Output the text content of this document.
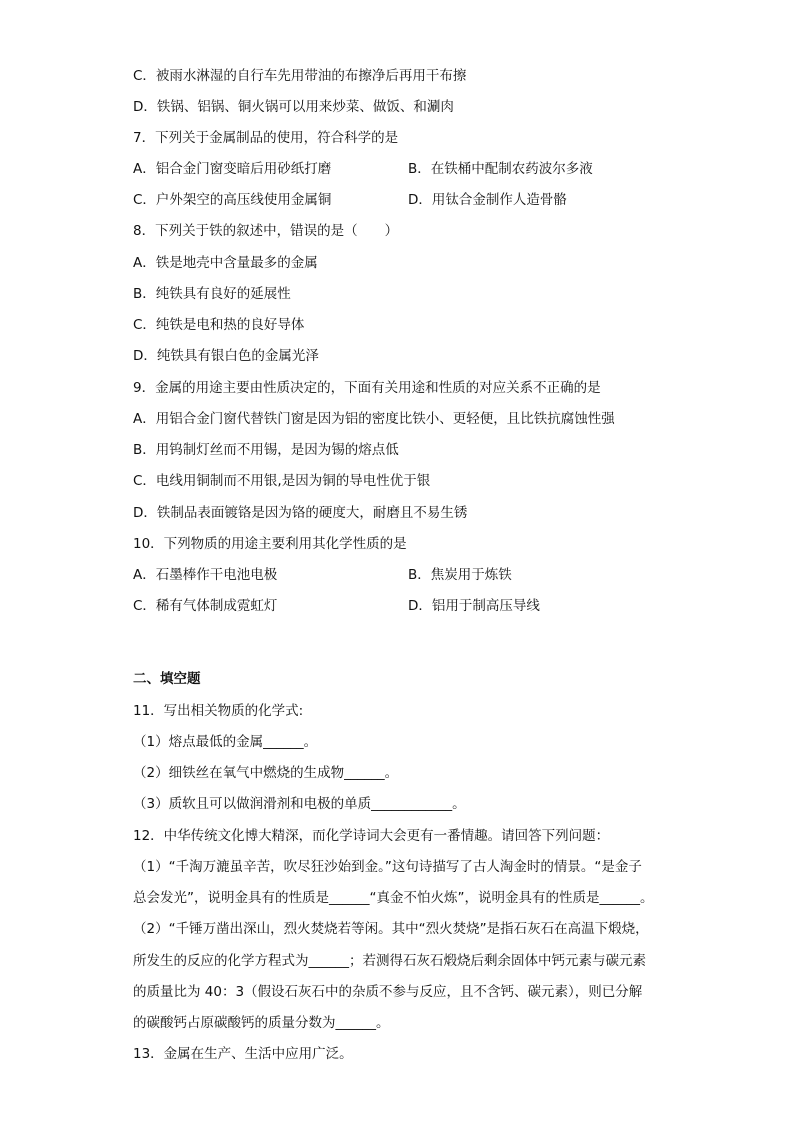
C．被雨水淋湿的自行车先用带油的布擦净后再用干布擦
D．铁锅、铝锅、铜火锅可以用来炒菜、做饭、和涮肉
7．下列关于金属制品的使用，符合科学的是
A．铝合金门窗变暗后用砂纸打磨	B．在铁桶中配制农药波尔多液
C．户外架空的高压线使用金属铜	D．用钛合金制作人造骨骼
8．下列关于铁的叙述中，错误的是（　　）
A．铁是地壳中含量最多的金属
B．纯铁具有良好的延展性
C．纯铁是电和热的良好导体
D．纯铁具有银白色的金属光泽
9．金属的用途主要由性质决定的，下面有关用途和性质的对应关系不正确的是
A．用铝合金门窗代替铁门窗是因为铝的密度比铁小、更轻便，且比铁抗腐蚀性强
B．用钨制灯丝而不用锡，是因为锡的熔点低
C．电线用铜制而不用银,是因为铜的导电性优于银
D．铁制品表面镀铬是因为铬的硬度大，耐磨且不易生锈
10．下列物质的用途主要利用其化学性质的是
A．石墨棒作干电池电极	B．焦炭用于炼铁
C．稀有气体制成霓虹灯	D．铝用于制高压导线
二、填空题
11．写出相关物质的化学式:
（1）熔点最低的金属______。
（2）细铁丝在氧气中燃烧的生成物______。
（3）质软且可以做润滑剂和电极的单质____________。
12．中华传统文化博大精深，而化学诗词大会更有一番情趣。请回答下列问题：
（1）“千淘万漉虽辛苦，吹尽狂沙始到金。”这句诗描写了古人淘金时的情景。“是金子
总会发光”，说明金具有的性质是______“真金不怕火炼”，说明金具有的性质是______。
（2）“千锤万凿出深山，烈火焚烧若等闲。其中“烈火焚烧”是指石灰石在高温下煅烧，
所发生的反应的化学方程式为______；若测得石灰石煅烧后剩余固体中钙元素与碳元素
的质量比为 40：3（假设石灰石中的杂质不参与反应，且不含钙、碳元素），则已分解
的碳酸钙占原碳酸钙的质量分数为______。
13．金属在生产、生活中应用广泛。
